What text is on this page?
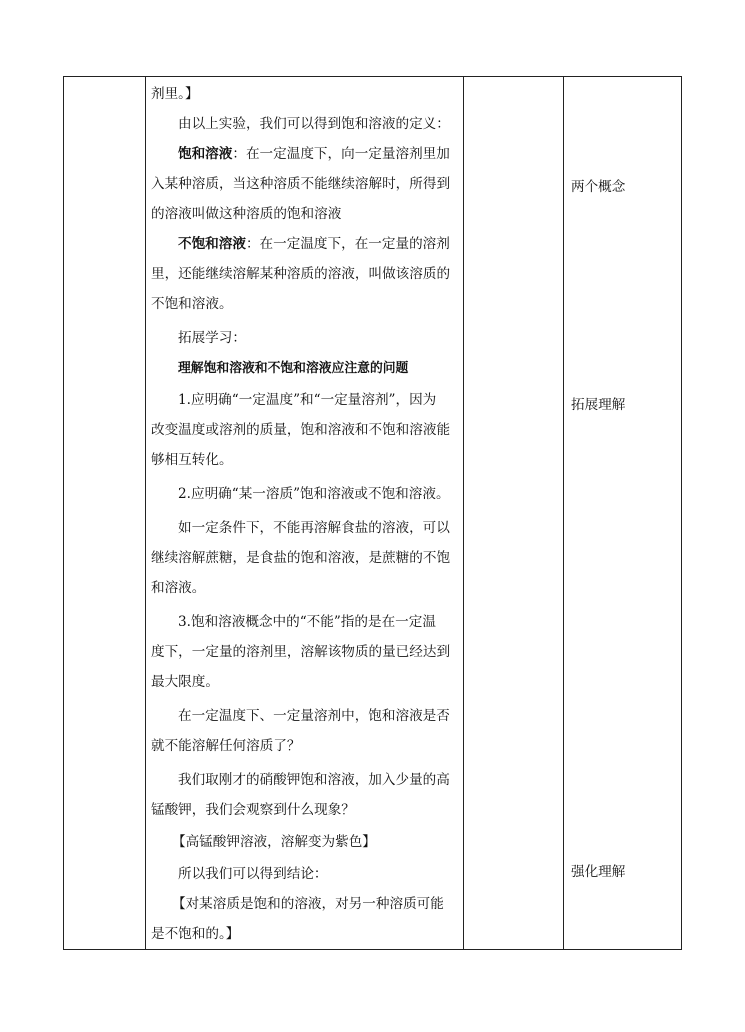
剂里。】
由以上实验，我们可以得到饱和溶液的定义：
饱和溶液：在一定温度下，向一定量溶剂里加
入某种溶质，当这种溶质不能继续溶解时，所得到
的溶液叫做这种溶质的饱和溶液
不饱和溶液：在一定温度下，在一定量的溶剂
里，还能继续溶解某种溶质的溶液，叫做该溶质的
不饱和溶液。
拓展学习：
理解饱和溶液和不饱和溶液应注意的问题
1.应明确“一定温度”和“一定量溶剂”，因为
改变温度或溶剂的质量，饱和溶液和不饱和溶液能
够相互转化。
2.应明确“某一溶质”饱和溶液或不饱和溶液。
如一定条件下，不能再溶解食盐的溶液，可以
继续溶解蔗糖，是食盐的饱和溶液，是蔗糖的不饱
和溶液。
3.饱和溶液概念中的“不能”指的是在一定温
度下，一定量的溶剂里，溶解该物质的量已经达到
最大限度。
在一定温度下、一定量溶剂中，饱和溶液是否
就不能溶解任何溶质了？
我们取刚才的硝酸钾饱和溶液，加入少量的高
锰酸钾，我们会观察到什么现象？
【高锰酸钾溶液，溶解变为紫色】
所以我们可以得到结论：
【对某溶质是饱和的溶液，对另一种溶质可能
是不饱和的。】
两个概念
拓展理解
强化理解
